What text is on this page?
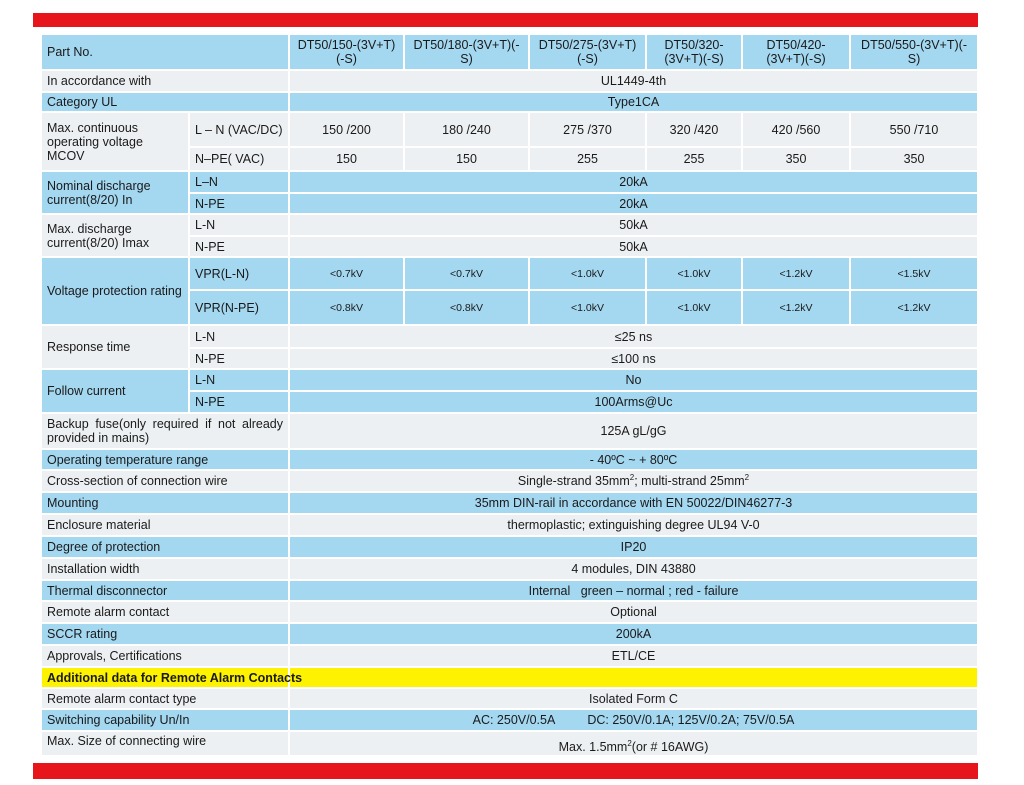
Part No.		DT50/150-(3V+T)(-S)	DT50/180-(3V+T)(-S)	DT50/275-(3V+T)(-S)	DT50/320-(3V+T)(-S)	DT50/420-(3V+T)(-S)	DT50/550-(3V+T)(-S)
In accordance with		UL1449-4th					
Category UL		Type1CA					
Max. continuous operating voltage MCOV	L – N (VAC/DC)	150 /200	180 /240	275 /370	320 /420	420 /560	550 /710
	N–PE( VAC)	150	150	255	255	350	350
Nominal discharge current(8/20) In	L–N	20kA					
	N-PE	20kA					
Max. discharge current(8/20) Imax	L-N	50kA					
	N-PE	50kA					
Voltage protection rating	VPR(L-N)	<0.7kV	<0.7kV	<1.0kV	<1.0kV	<1.2kV	<1.5kV
	VPR(N-PE)	<0.8kV	<0.8kV	<1.0kV	<1.0kV	<1.2kV	<1.2kV
Response time	L-N	≤25 ns					
	N-PE	≤100 ns					
Follow current	L-N	No					
	N-PE	100Arms@Uc					
Backup fuse(only required if not already provided in mains)		125A gL/gG					
Operating temperature range		- 40ºC ~ + 80ºC					
Cross-section of connection wire		Single-strand $35mm^2$; multi-strand $25mm^2$
Mounting		35mm DIN-rail in accordance with EN 50022/DIN46277-3					
Enclosure material		thermoplastic; extinguishing degree UL94 V-0					
Degree of protection		IP20					
Installation width		4 modules, DIN 43880					
Thermal disconnector		Internal   green – normal ; red - failure					
Remote alarm contact		Optional					
SCCR rating		200kA					
Approvals, Certifications		ETL/CE					
Additional data for Remote Alarm Contacts							
Remote alarm contact type		Isolated Form C					
Switching capability Un/In		AC: 250V/0.5A DC: 250V/0.1A; 125V/0.2A; 75V/0.5A					
Max. Size of connecting wire		Max. $1.5mm^2(or$ # 16AWG)					
